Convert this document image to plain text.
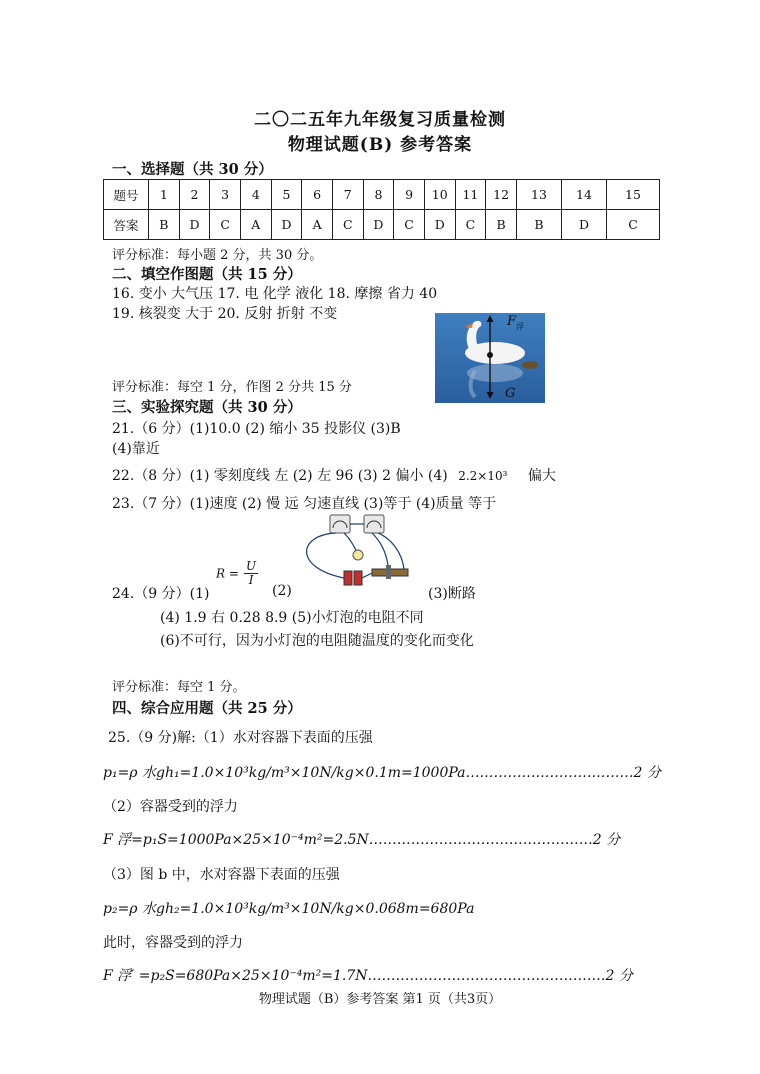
二〇二五年九年级复习质量检测
物理试题(B) 参考答案
一、选择题（共 30 分）
题号	1	2	3	4	5	6	7	8	9	10	11	12	13	14	15
答案	B	D	C	A	D	A	C	D	C	D	C	B	B	D	C
评分标准：每小题 2 分，共 30 分。
二、填空作图题（共 15 分）
16. 变小 大气压 17. 电 化学 液化 18. 摩擦 省力 40
19. 核裂变 大于 20. 反射 折射 不变	F 浮
G
评分标准：每空 1 分，作图 2 分共 15 分
三、实验探究题（共 30 分）
21.（6 分）(1)10.0 (2) 缩小 35 投影仪 (3)B
(4)靠近
22.（8 分）(1) 零刻度线 左 (2) 左 96 (3) 2 偏小 (4) 2.2×10³ 偏大
23.（7 分）(1)速度 (2) 慢 远 匀速直线 (3)等于 (4)质量 等于
24.（9 分）(1)
$R = \frac{U}{I}$
(2)	(3)断路
(4) 1.9 右 0.28 8.9 (5)小灯泡的电阻不同
(6)不可行，因为小灯泡的电阻随温度的变化而变化
评分标准：每空 1 分。
四、综合应用题（共 25 分）
25.（9 分)解:（1）水对容器下表面的压强
p₁=ρ 水gh₁=1.0×10³kg/m³×10N/kg×0.1m=1000Pa………………………………2 分
（2）容器受到的浮力
F 浮=p₁S=1000Pa×25×10⁻⁴m²=2.5N…………………………………………2 分
（3）图 b 中，水对容器下表面的压强
p₂=ρ 水gh₂=1.0×10³kg/m³×10N/kg×0.068m=680Pa
此时，容器受到的浮力
F 浮′ =p₂S=680Pa×25×10⁻⁴m²=1.7N……………………………………………2 分
物理试题（B）参考答案 第1 页（共3页）
